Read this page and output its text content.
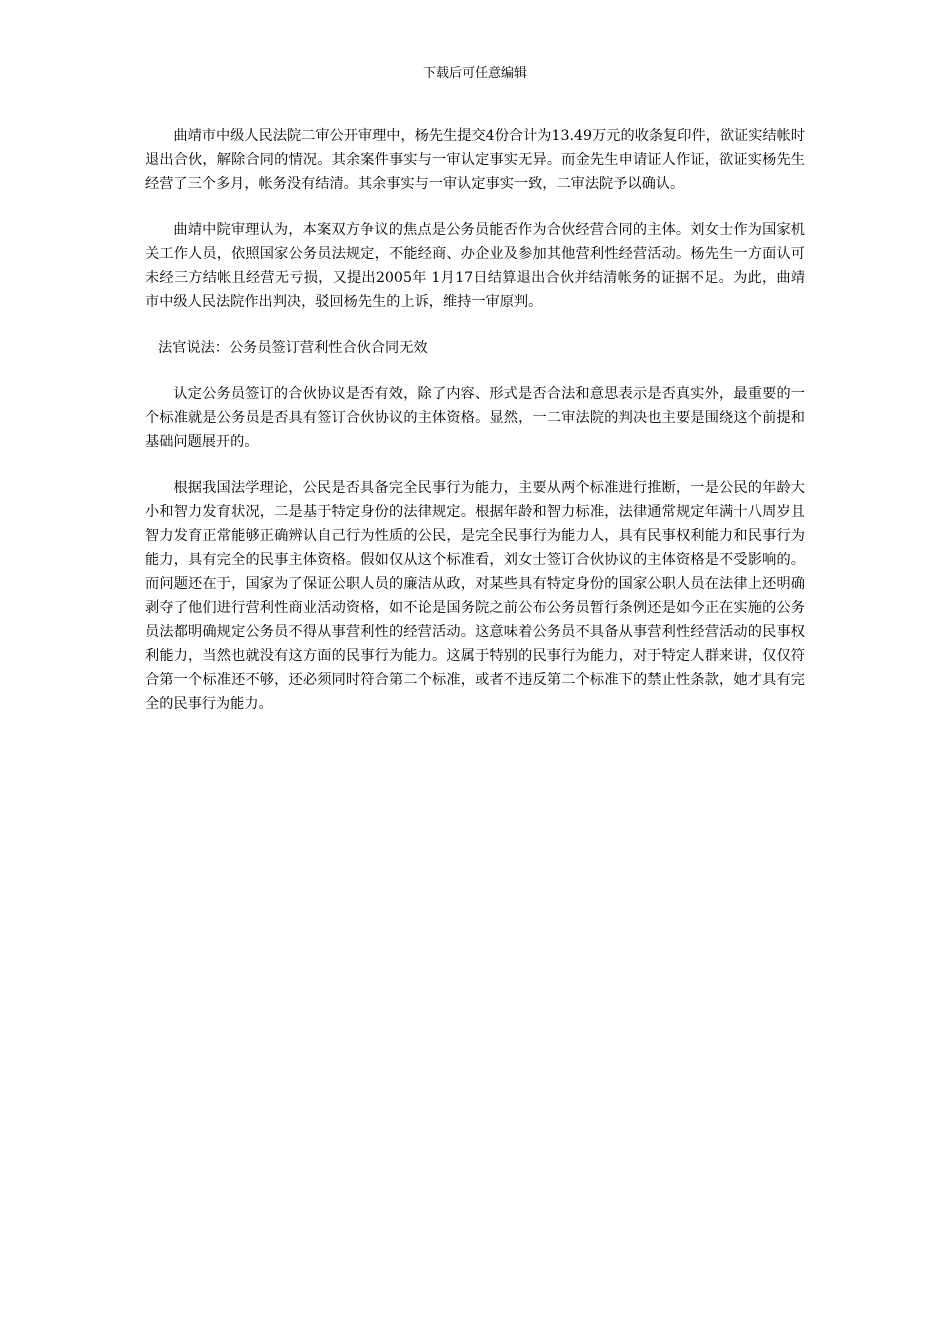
下载后可任意编辑

曲靖市中级人民法院二审公开审理中，杨先生提交4份合计为13.49万元的收条复印件，欲证实结帐时退出合伙，解除合同的情况。其余案件事实与一审认定事实无异。而金先生申请证人作证，欲证实杨先生经营了三个多月，帐务没有结清。其余事实与一审认定事实一致，二审法院予以确认。

曲靖中院审理认为，本案双方争议的焦点是公务员能否作为合伙经营合同的主体。刘女士作为国家机关工作人员，依照国家公务员法规定，不能经商、办企业及参加其他营利性经营活动。杨先生一方面认可未经三方结帐且经营无亏损，又提出2005年 1月17日结算退出合伙并结清帐务的证据不足。为此，曲靖市中级人民法院作出判决，驳回杨先生的上诉，维持一审原判。

法官说法：公务员签订营利性合伙合同无效

认定公务员签订的合伙协议是否有效，除了内容、形式是否合法和意思表示是否真实外，最重要的一个标准就是公务员是否具有签订合伙协议的主体资格。显然，一二审法院的判决也主要是围绕这个前提和基础问题展开的。

根据我国法学理论，公民是否具备完全民事行为能力，主要从两个标准进行推断，一是公民的年龄大小和智力发育状况，二是基于特定身份的法律规定。根据年龄和智力标准，法律通常规定年满十八周岁且智力发育正常能够正确辨认自己行为性质的公民，是完全民事行为能力人，具有民事权利能力和民事行为能力，具有完全的民事主体资格。假如仅从这个标准看，刘女士签订合伙协议的主体资格是不受影响的。而问题还在于，国家为了保证公职人员的廉洁从政，对某些具有特定身份的国家公职人员在法律上还明确剥夺了他们进行营利性商业活动资格，如不论是国务院之前公布公务员暂行条例还是如今正在实施的公务员法都明确规定公务员不得从事营利性的经营活动。这意味着公务员不具备从事营利性经营活动的民事权利能力，当然也就没有这方面的民事行为能力。这属于特别的民事行为能力，对于特定人群来讲，仅仅符合第一个标准还不够，还必须同时符合第二个标准，或者不违反第二个标准下的禁止性条款，她才具有完全的民事行为能力。
